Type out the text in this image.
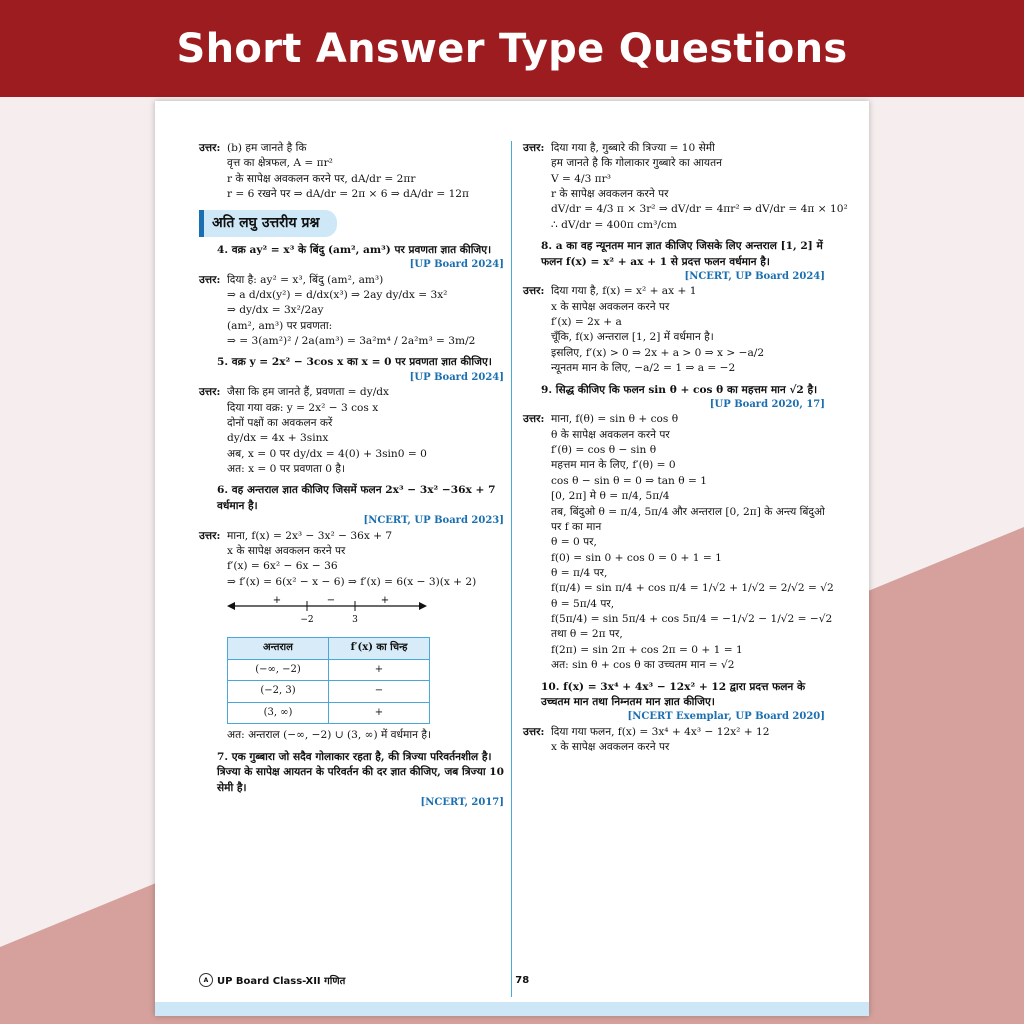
Short Answer Type Questions
उत्तर: (b) हम जानते है कि
वृत्त का क्षेत्रफल, A = πr²
r के सापेक्ष अवकलन करने पर, dA/dr = 2πr
r = 6 रखने पर ⇒ dA/dr = 2π × 6 ⇒ dA/dr = 12π
अति लघु उत्तरीय प्रश्न
4. वक्र ay² = x³ के बिंदु (am², am³) पर प्रवणता ज्ञात कीजिए।
[UP Board 2024]
उत्तर: दिया है: ay² = x³, बिंदु (am², am³)
⇒ a d/dx(y²) = d/dx(x³) ⇒ 2ay dy/dx = 3x²
⇒ dy/dx = 3x²/2ay
(am², am³) पर प्रवणता:
⇒ = 3(am²)² / 2a(am³) = 3a²m⁴ / 2a²m³ = 3m/2
5. वक्र y = 2x² − 3cos x का x = 0 पर प्रवणता ज्ञात कीजिए।
[UP Board 2024]
उत्तर: जैसा कि हम जानते हैं, प्रवणता = dy/dx
दिया गया वक्र: y = 2x² − 3 cos x
दोनों पक्षों का अवकलन करें
dy/dx = 4x + 3sinx
अब, x = 0 पर dy/dx = 4(0) + 3sin0 = 0
अत: x = 0 पर प्रवणता 0 है।
6. वह अन्तराल ज्ञात कीजिए जिसमें फलन 2x³ − 3x² −36x + 7 वर्धमान है।
[NCERT, UP Board 2023]
उत्तर: माना, f(x) = 2x³ − 3x² − 36x + 7
x के सापेक्ष अवकलन करने पर
f′(x) = 6x² − 6x − 36
⇒ f′(x) = 6(x² − x − 6) ⇒ f′(x) = 6(x − 3)(x + 2)
+	−	+
−2	3
अन्तराल	f′(x) का चिन्ह
(−∞, −2)	+
(−2, 3)	−
(3, ∞)	+
अत: अन्तराल (−∞, −2) ∪ (3, ∞) में वर्धमान है।
7. एक गुब्बारा जो सदैव गोलाकार रहता है, की त्रिज्या परिवर्तनशील है। त्रिज्या के सापेक्ष आयतन के परिवर्तन की दर ज्ञात कीजिए, जब त्रिज्या 10 सेमी है।
[NCERT, 2017]
उत्तर: दिया गया है, गुब्बारे की त्रिज्या = 10 सेमी
हम जानते है कि गोलाकार गुब्बारे का आयतन
V = 4/3 πr³
r के सापेक्ष अवकलन करने पर
dV/dr = 4/3 π × 3r² ⇒ dV/dr = 4πr² ⇒ dV/dr = 4π × 10²
∴ dV/dr = 400π cm³/cm
8. a का वह न्यूनतम मान ज्ञात कीजिए जिसके लिए अन्तराल [1, 2] में फलन f(x) = x² + ax + 1 से प्रदत्त फलन वर्धमान है।
[NCERT, UP Board 2024]
उत्तर: दिया गया है, f(x) = x² + ax + 1
x के सापेक्ष अवकलन करने पर
f′(x) = 2x + a
चूँकि, f(x) अन्तराल [1, 2] में वर्धमान है।
इसलिए, f′(x) > 0 ⇒ 2x + a > 0 ⇒ x > −a/2
न्यूनतम मान के लिए, −a/2 = 1 ⇒ a = −2
9. सिद्ध कीजिए कि फलन sin θ + cos θ का महत्तम मान √2 है।
[UP Board 2020, 17]
उत्तर: माना, f(θ) = sin θ + cos θ
θ के सापेक्ष अवकलन करने पर
f′(θ) = cos θ − sin θ
महत्तम मान के लिए, f′(θ) = 0
cos θ − sin θ = 0 ⇒ tan θ = 1
[0, 2π] मे θ = π/4, 5π/4
तब, बिंदुओ θ = π/4, 5π/4 और अन्तराल [0, 2π] के अन्त्य बिंदुओ पर f का मान
θ = 0 पर,
f(0) = sin 0 + cos 0 = 0 + 1 = 1
θ = π/4 पर,
f(π/4) = sin π/4 + cos π/4 = 1/√2 + 1/√2 = 2/√2 = √2
θ = 5π/4 पर,
f(5π/4) = sin 5π/4 + cos 5π/4 = −1/√2 − 1/√2 = −√2
तथा θ = 2π पर,
f(2π) = sin 2π + cos 2π = 0 + 1 = 1
अत: sin θ + cos θ का उच्चतम मान = √2
10. f(x) = 3x⁴ + 4x³ − 12x² + 12 द्वारा प्रदत्त फलन के उच्चतम मान तथा निम्नतम मान ज्ञात कीजिए।
[NCERT Exemplar, UP Board 2020]
उत्तर: दिया गया फलन, f(x) = 3x⁴ + 4x³ − 12x² + 12
x के सापेक्ष अवकलन करने पर
A UP Board Class-XII गणित	78
